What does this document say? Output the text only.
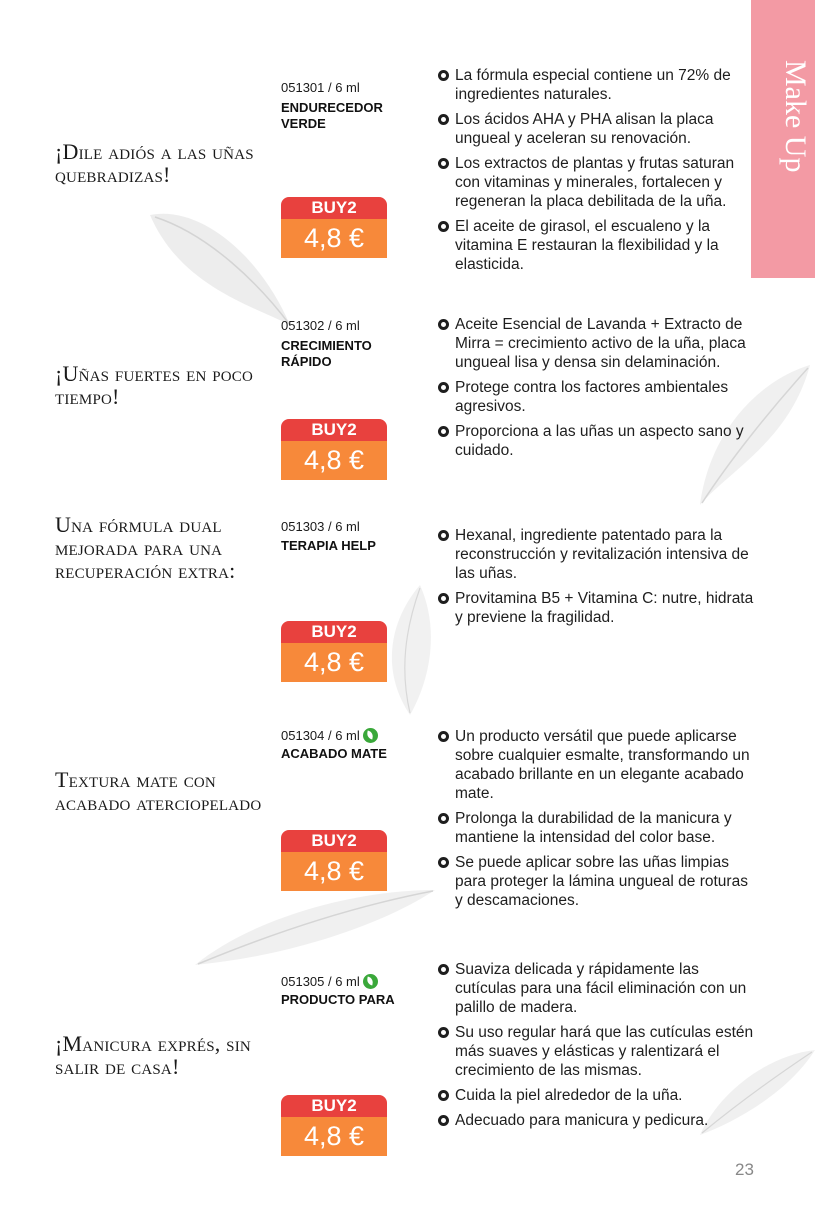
Make Up
051301 / 6 ml
ENDURECEDOR VERDE
¡Dile adiós a las uñas quebradizas!
BUY2
4,8 €
La fórmula especial contiene un 72% de ingredientes naturales.
Los ácidos AHA y PHA alisan la placa ungueal y aceleran su renovación.
Los extractos de plantas y frutas saturan con vitaminas y minerales, fortalecen y regeneran la placa debilitada de la uña.
El aceite de girasol, el escualeno y la vitamina E restauran la flexibilidad y la elasticida.
051302 / 6 ml
CRECIMIENTO RÁPIDO
¡Uñas fuertes en poco tiempo!
BUY2
4,8 €
Aceite Esencial de Lavanda + Extracto de Mirra = crecimiento activo de la uña, placa ungueal lisa y densa sin delaminación.
Protege contra los factores ambientales agresivos.
Proporciona a las uñas un aspecto sano y cuidado.
051303 / 6 ml
TERAPIA HELP
Una fórmula dual mejorada para una recuperación extra:
BUY2
4,8 €
Hexanal, ingrediente patentado para la reconstrucción y revitalización intensiva de las uñas.
Provitamina B5 + Vitamina C: nutre, hidrata y previene la fragilidad.
051304 / 6 ml
ACABADO MATE
Textura mate con acabado aterciopelado
BUY2
4,8 €
Un producto versátil que puede aplicarse sobre cualquier esmalte, transformando un acabado brillante en un elegante acabado mate.
Prolonga la durabilidad de la manicura y mantiene la intensidad del color base.
Se puede aplicar sobre las uñas limpias para proteger la lámina ungueal de roturas y descamaciones.
051305 / 6 ml
PRODUCTO PARA
¡Manicura exprés, sin salir de casa!
BUY2
4,8 €
Suaviza delicada y rápidamente las cutículas para una fácil eliminación con un palillo de madera.
Su uso regular hará que las cutículas estén más suaves y elásticas y ralentizará el crecimiento de las mismas.
Cuida la piel alrededor de la uña.
Adecuado para manicura y pedicura.
23
